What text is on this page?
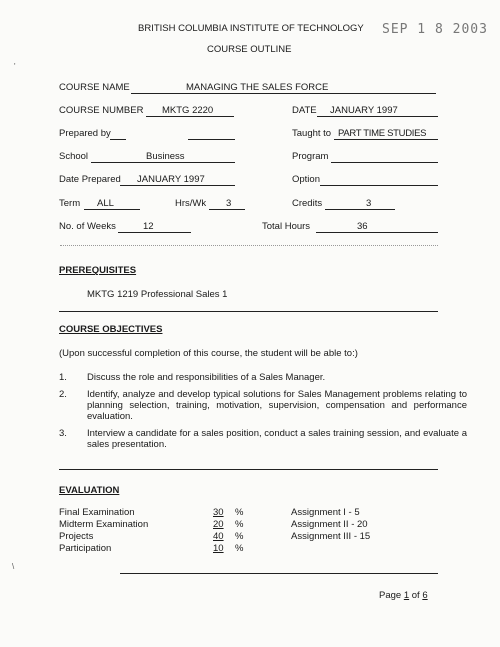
BRITISH COLUMBIA INSTITUTE OF TECHNOLOGY SEP 1 8 2003
COURSE OUTLINE
'
COURSE NAME	MANAGING THE SALES FORCE
COURSE NUMBER MKTG 2220	DATE JANUARY 1997
Prepared by	Taught to PART TIME STUDIES
School	Business	Program
Date Prepared JANUARY 1997	Option
Term ALL	Hrs/Wk 3	Credits	3
No. of Weeks	12	Total Hours	36
PREREQUISITES
MKTG 1219 Professional Sales 1
COURSE OBJECTIVES
(Upon successful completion of this course, the student will be able to:)
1. Discuss the role and responsibilities of a Sales Manager.
2. Identify, analyze and develop typical solutions for Sales Management problems relating to planning selection, training, motivation, supervision, compensation and performance evaluation.
3. Interview a candidate for a sales position, conduct a sales training session, and evaluate a sales presentation.
EVALUATION
Final Examination	30 %	Assignment I - 5
Midterm Examination	20 %	Assignment II - 20
Projects	40 %	Assignment III - 15
Participation	10 %
\
Page 1 of 6
